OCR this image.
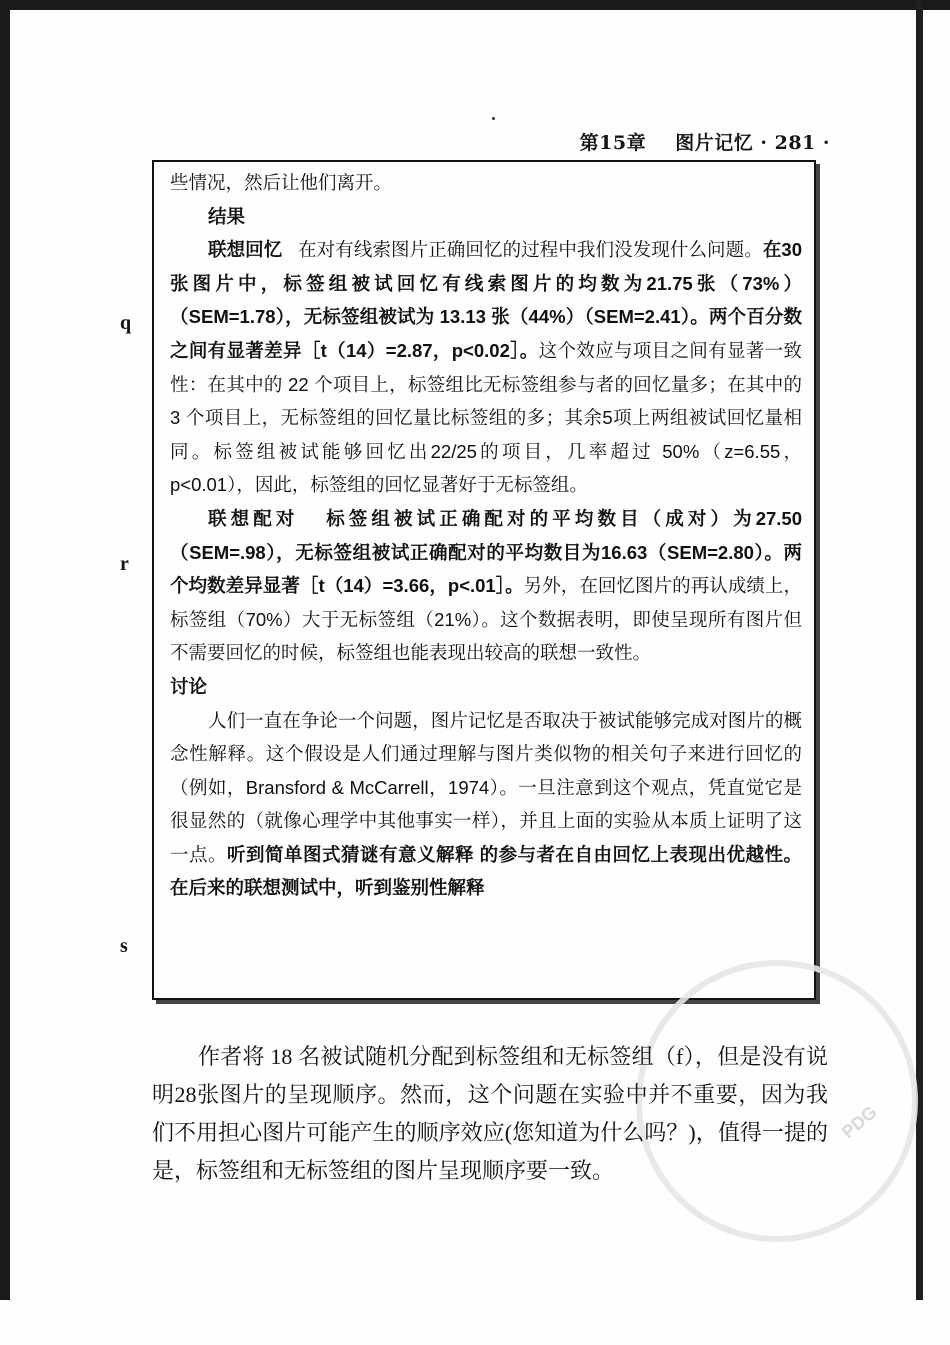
第15章 图片记忆 · 281 ·
q
r
s

些情况，然后让他们离开。

结果

联想回忆 在对有线索图片正确回忆的过程中我们没发现什么问题。在30张图片中，标签组被试回忆有线索图片的均数为21.75张（73%）（SEM=1.78），无标签组被试为 13.13 张（44%）（SEM=2.41）。两个百分数之间有显著差异［t（14）=2.87，p<0.02］。这个效应与项目之间有显著一致性：在其中的 22 个项目上，标签组比无标签组参与者的回忆量多；在其中的 3 个项目上，无标签组的回忆量比标签组的多；其余5项上两组被试回忆量相同。标签组被试能够回忆出22/25的项目，几率超过 50%（z=6.55，p<0.01），因此，标签组的回忆显著好于无标签组。

联想配对 标签组被试正确配对的平均数目（成对）为27.50（SEM=.98），无标签组被试正确配对的平均数目为16.63（SEM=2.80）。两个均数差异显著［t（14）=3.66，p<.01］。另外，在回忆图片的再认成绩上，标签组（70%）大于无标签组（21%）。这个数据表明，即使呈现所有图片但不需要回忆的时候，标签组也能表现出较高的联想一致性。

讨论

人们一直在争论一个问题，图片记忆是否取决于被试能够完成对图片的概念性解释。这个假设是人们通过理解与图片类似物的相关句子来进行回忆的（例如，Bransford & McCarrell，1974）。一旦注意到这个观点，凭直觉它是很显然的（就像心理学中其他事实一样），并且上面的实验从本质上证明了这一点。听到简单图式猜谜有意义解释 的参与者在自由回忆上表现出优越性。在后来的联想测试中，听到鉴别性解释

PDG

作者将 18 名被试随机分配到标签组和无标签组（f），但是没有说明28张图片的呈现顺序。然而，这个问题在实验中并不重要，因为我们不用担心图片可能产生的顺序效应(您知道为什么吗？)，值得一提的是，标签组和无标签组的图片呈现顺序要一致。
